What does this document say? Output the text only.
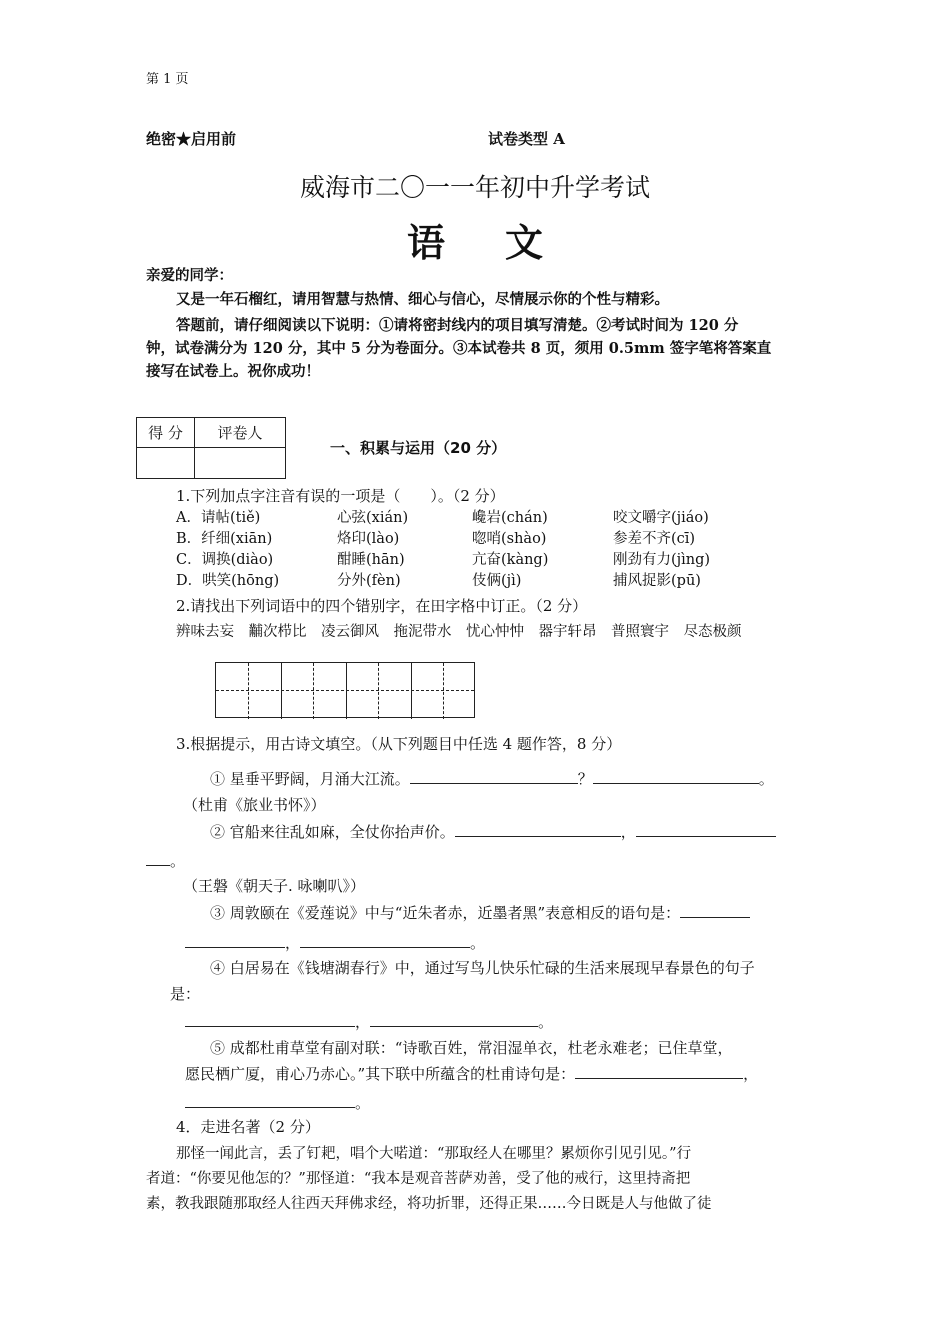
第 1 页
绝密★启用前	试卷类型 A
威海市二〇一一年初中升学考试
语文
亲爱的同学：
又是一年石榴红，请用智慧与热情、细心与信心，尽情展示你的个性与精彩。
答题前，请仔细阅读以下说明：①请将密封线内的项目填写清楚。②考试时间为 120 分
钟，试卷满分为 120 分，其中 5 分为卷面分。③本试卷共 8 页，须用 0.5mm 签字笔将答案直
接写在试卷上。祝你成功！
得 分	评卷人

一、积累与运用（20 分）
1.下列加点字注音有误的一项是（　　）。（2 分）
A．请帖(tiě)	心弦(xián)	巉岩(chán)	咬文嚼字(jiáo)
B．纤细(xiān)	烙印(lào)	唿哨(shào)	参差不齐(cī)
C．调换(diào)	酣睡(hān)	亢奋(kàng)	刚劲有力(jìng)
D．哄笑(hōng)	分外(fèn)	伎俩(jì)	捕风捉影(pū)
2.请找出下列词语中的四个错别字，在田字格中订正。（2 分）
辨味去妄　黼次栉比　凌云御风　拖泥带水　忧心忡忡　器宇轩昂　普照寰宇　尽态极颜
3.根据提示，用古诗文填空。（从下列题目中任选 4 题作答，8 分）
① 星垂平野阔，月涌大江流。	？	。
（杜甫《旅业书怀》）
② 官船来往乱如麻，全仗你抬声价。	，
。
（王磐《朝天子. 咏喇叭》）
③ 周敦颐在《爱莲说》中与“近朱者赤，近墨者黑”表意相反的语句是：
，	。
④ 白居易在《钱塘湖春行》中，通过写鸟儿快乐忙碌的生活来展现早春景色的句子
是：
，	。
⑤ 成都杜甫草堂有副对联：“诗歌百姓，常泪湿单衣，杜老永难老；已住草堂，
愿民栖广厦，甫心乃赤心。”其下联中所蕴含的杜甫诗句是：	，
。
4．走进名著（2 分）
那怪一闻此言，丢了钉耙，唱个大喏道：“那取经人在哪里？累烦你引见引见。”行
者道：“你要见他怎的？”那怪道：“我本是观音菩萨劝善，受了他的戒行，这里持斋把
素，教我跟随那取经人往西天拜佛求经，将功折罪，还得正果……今日既是人与他做了徒
